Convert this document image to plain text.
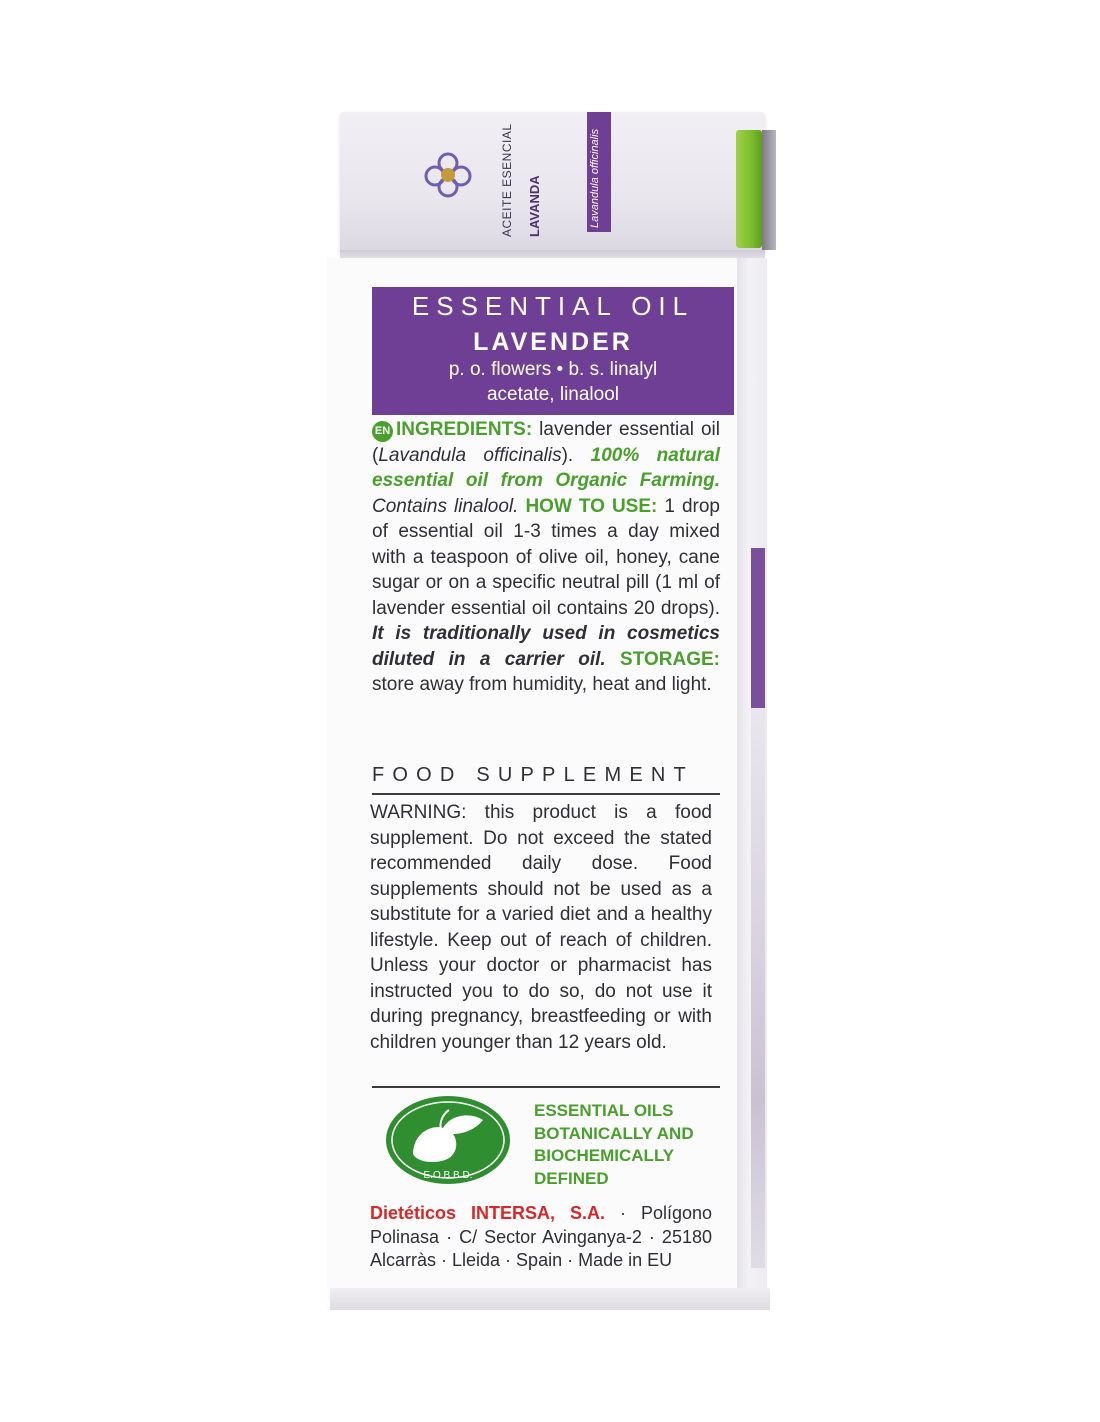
ACEITE ESENCIAL	LAVANDA	Lavandula officinalis
ESSENTIAL OIL
LAVENDER
p. o. flowers • b. s. linalyl
acetate, linalool
EN INGREDIENTS: lavender essential oil (Lavandula officinalis). 100% natural essential oil from Organic Farming. Contains linalool. HOW TO USE: 1 drop of essential oil 1-3 times a day mixed with a teaspoon of olive oil, honey, cane sugar or on a specific neutral pill (1 ml of lavender essential oil contains 20 drops). It is traditionally used in cosmetics diluted in a carrier oil. STORAGE: store away from humidity, heat and light.
FOOD SUPPLEMENT
WARNING: this product is a food supplement. Do not exceed the stated recommended daily dose. Food supplements should not be used as a substitute for a varied diet and a healthy lifestyle. Keep out of reach of children. Unless your doctor or pharmacist has instructed you to do so, do not use it during pregnancy, breastfeeding or with children younger than 12 years old.
E.O.B.B.D.
ESSENTIAL OILS
BOTANICALLY AND
BIOCHEMICALLY
DEFINED
Dietéticos INTERSA, S.A. · Polígono Polinasa · C/ Sector Avinganya-2 · 25180 Alcarràs · Lleida · Spain · Made in EU
